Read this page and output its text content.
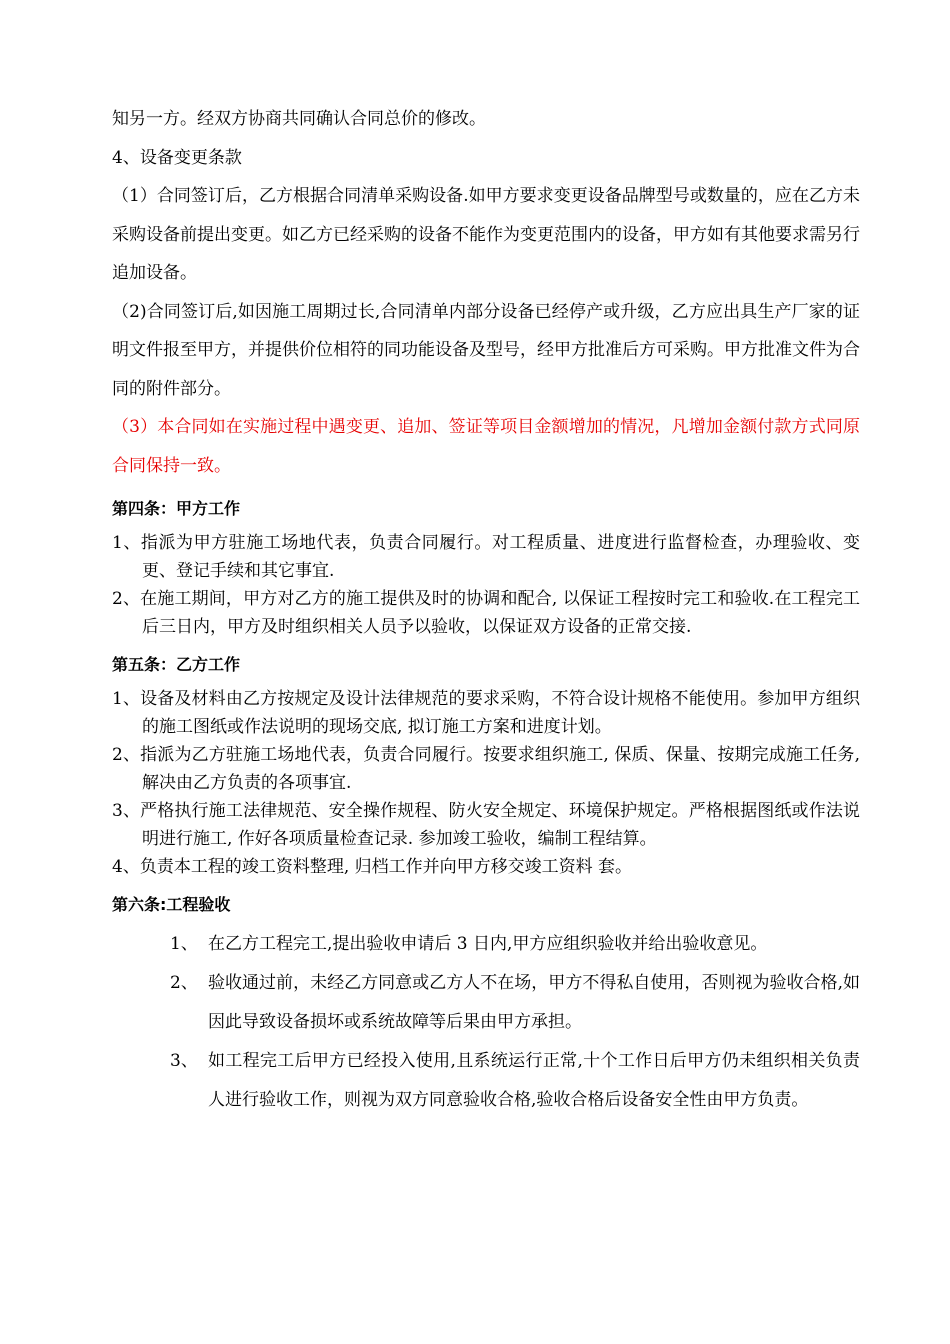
知另一方。经双方协商共同确认合同总价的修改。

4、设备变更条款

（1）合同签订后，乙方根据合同清单采购设备.如甲方要求变更设备品牌型号或数量的，应在乙方未采购设备前提出变更。如乙方已经采购的设备不能作为变更范围内的设备，甲方如有其他要求需另行追加设备。

（2)合同签订后,如因施工周期过长,合同清单内部分设备已经停产或升级，乙方应出具生产厂家的证明文件报至甲方，并提供价位相符的同功能设备及型号，经甲方批准后方可采购。甲方批准文件为合同的附件部分。

（3）本合同如在实施过程中遇变更、追加、签证等项目金额增加的情况，凡增加金额付款方式同原合同保持一致。

第四条：甲方工作

1、指派为甲方驻施工场地代表，负责合同履行。对工程质量、进度进行监督检查，办理验收、变更、登记手续和其它事宜.

2、在施工期间，甲方对乙方的施工提供及时的协调和配合, 以保证工程按时完工和验收.在工程完工后三日内，甲方及时组织相关人员予以验收，以保证双方设备的正常交接.

第五条：乙方工作

1、设备及材料由乙方按规定及设计法律规范的要求采购，不符合设计规格不能使用。参加甲方组织的施工图纸或作法说明的现场交底, 拟订施工方案和进度计划。

2、指派为乙方驻施工场地代表，负责合同履行。按要求组织施工, 保质、保量、按期完成施工任务, 解决由乙方负责的各项事宜.

3、严格执行施工法律规范、安全操作规程、防火安全规定、环境保护规定。严格根据图纸或作法说明进行施工, 作好各项质量检查记录. 参加竣工验收，编制工程结算。

4、负责本工程的竣工资料整理, 归档工作并向甲方移交竣工资料 套。

第六条:工程验收

1、 在乙方工程完工,提出验收申请后 3 日内,甲方应组织验收并给出验收意见。
2、 验收通过前，未经乙方同意或乙方人不在场，甲方不得私自使用，否则视为验收合格,如因此导致设备损坏或系统故障等后果由甲方承担。
3、 如工程完工后甲方已经投入使用,且系统运行正常,十个工作日后甲方仍未组织相关负责人进行验收工作，则视为双方同意验收合格,验收合格后设备安全性由甲方负责。
